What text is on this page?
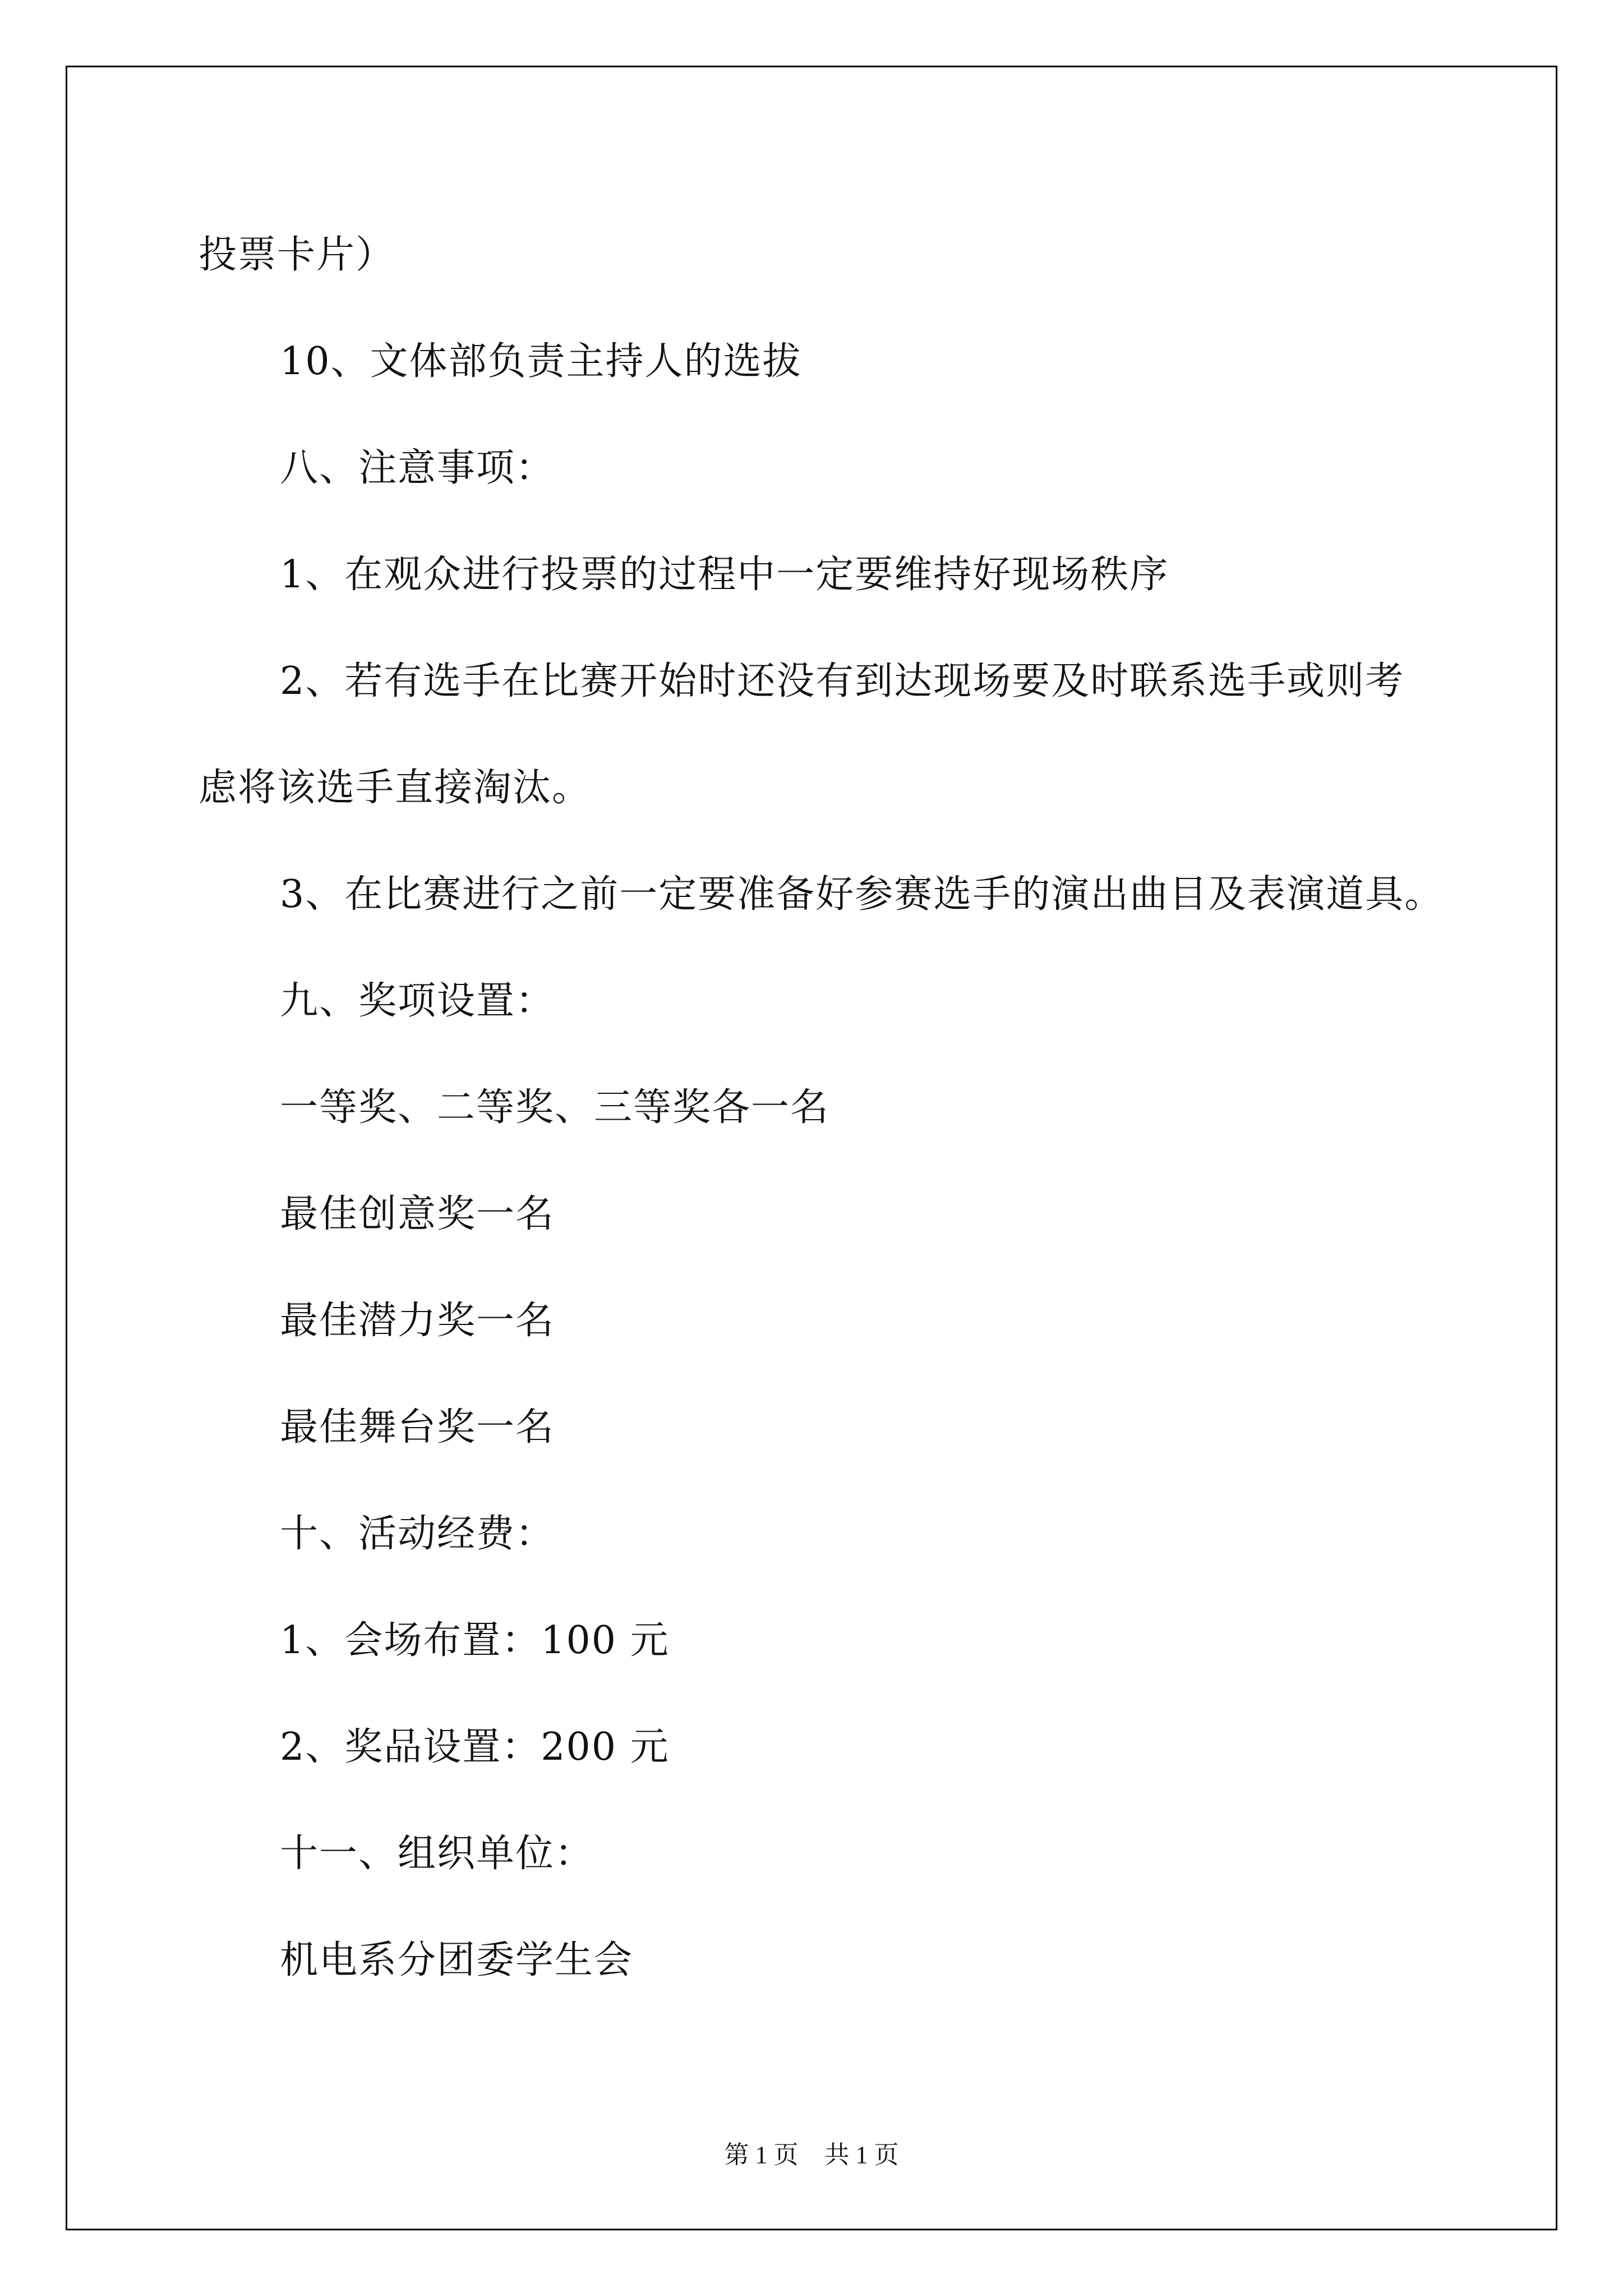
投票卡片）

10、文体部负责主持人的选拔

八、注意事项：

1、在观众进行投票的过程中一定要维持好现场秩序

2、若有选手在比赛开始时还没有到达现场要及时联系选手或则考

虑将该选手直接淘汰。

3、在比赛进行之前一定要准备好参赛选手的演出曲目及表演道具。

九、奖项设置：

一等奖、二等奖、三等奖各一名

最佳创意奖一名

最佳潜力奖一名

最佳舞台奖一名

十、活动经费：

1、会场布置：100 元

2、奖品设置：200 元

十一、组织单位：

机电系分团委学生会

第 1 页 共 1 页
